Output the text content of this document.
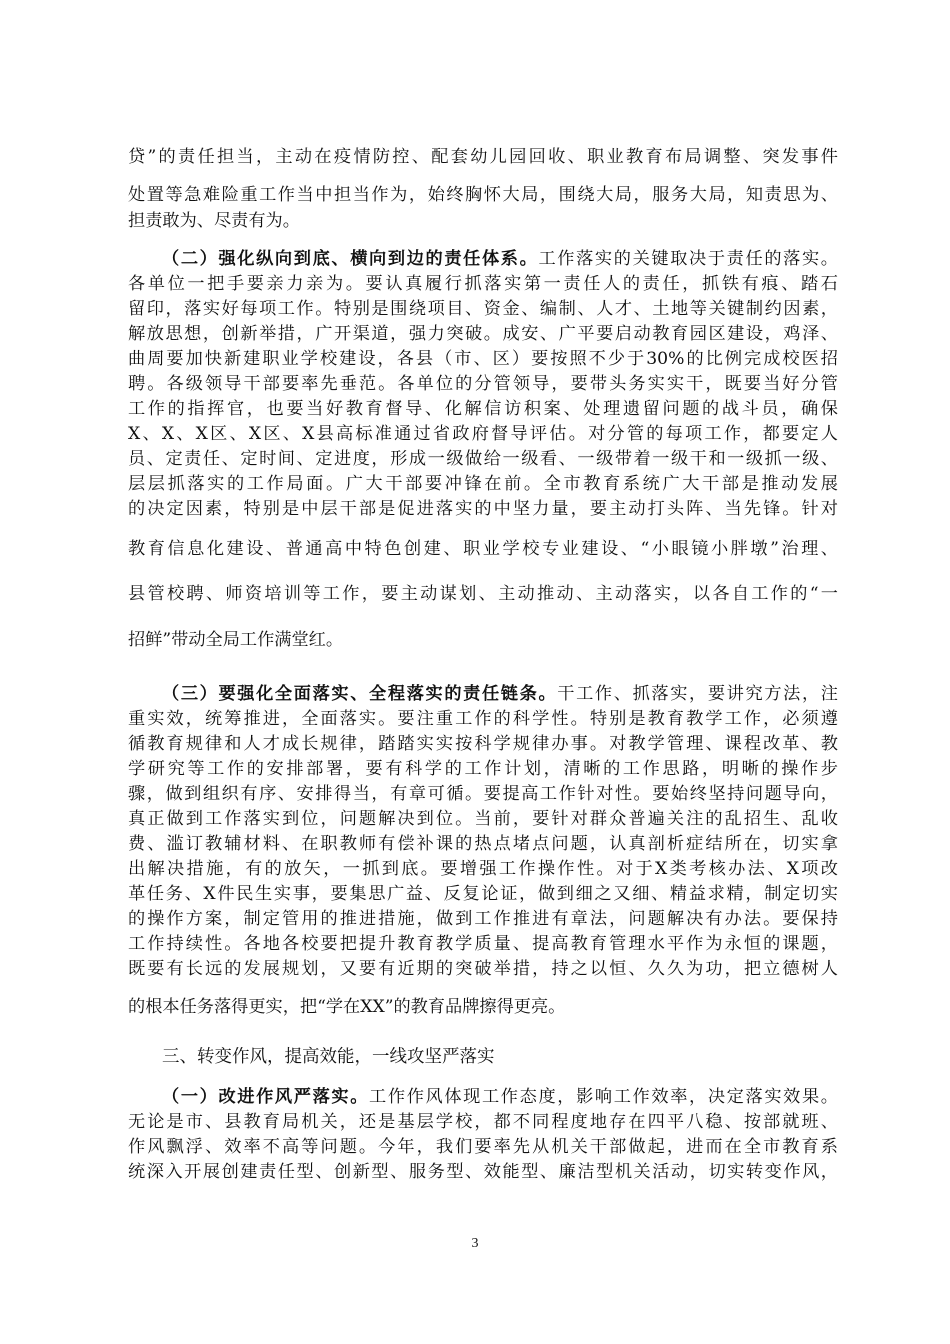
贷”的责任担当，主动在疫情防控、配套幼儿园回收、职业教育布局调整、突发事件
处置等急难险重工作当中担当作为，始终胸怀大局，围绕大局，服务大局，知责思为、
担责敢为、尽责有为。
（二）强化纵向到底、横向到边的责任体系。工作落实的关键取决于责任的落实。
各单位一把手要亲力亲为。要认真履行抓落实第一责任人的责任，抓铁有痕、踏石
留印，落实好每项工作。特别是围绕项目、资金、编制、人才、土地等关键制约因素，
解放思想，创新举措，广开渠道，强力突破。成安、广平要启动教育园区建设，鸡泽、
曲周要加快新建职业学校建设，各县（市、区）要按照不少于30%的比例完成校医招
聘。各级领导干部要率先垂范。各单位的分管领导，要带头务实实干，既要当好分管
工作的指挥官，也要当好教育督导、化解信访积案、处理遗留问题的战斗员，确保
X、X、X区、X区、X县高标准通过省政府督导评估。对分管的每项工作，都要定人
员、定责任、定时间、定进度，形成一级做给一级看、一级带着一级干和一级抓一级、
层层抓落实的工作局面。广大干部要冲锋在前。全市教育系统广大干部是推动发展
的决定因素，特别是中层干部是促进落实的中坚力量，要主动打头阵、当先锋。针对
教育信息化建设、普通高中特色创建、职业学校专业建设、“小眼镜小胖墩”治理、
县管校聘、师资培训等工作，要主动谋划、主动推动、主动落实，以各自工作的“一
招鲜”带动全局工作满堂红。
（三）要强化全面落实、全程落实的责任链条。干工作、抓落实，要讲究方法，注
重实效，统筹推进，全面落实。要注重工作的科学性。特别是教育教学工作，必须遵
循教育规律和人才成长规律，踏踏实实按科学规律办事。对教学管理、课程改革、教
学研究等工作的安排部署，要有科学的工作计划，清晰的工作思路，明晰的操作步
骤，做到组织有序、安排得当，有章可循。要提高工作针对性。要始终坚持问题导向，
真正做到工作落实到位，问题解决到位。当前，要针对群众普遍关注的乱招生、乱收
费、滥订教辅材料、在职教师有偿补课的热点堵点问题，认真剖析症结所在，切实拿
出解决措施，有的放矢，一抓到底。要增强工作操作性。对于X类考核办法、X项改
革任务、X件民生实事，要集思广益、反复论证，做到细之又细、精益求精，制定切实
的操作方案，制定管用的推进措施，做到工作推进有章法，问题解决有办法。要保持
工作持续性。各地各校要把提升教育教学质量、提高教育管理水平作为永恒的课题，
既要有长远的发展规划，又要有近期的突破举措，持之以恒、久久为功，把立德树人
的根本任务落得更实，把“学在XX”的教育品牌擦得更亮。
三、转变作风，提高效能，一线攻坚严落实
（一）改进作风严落实。工作作风体现工作态度，影响工作效率，决定落实效果。
无论是市、县教育局机关，还是基层学校，都不同程度地存在四平八稳、按部就班、
作风飘浮、效率不高等问题。今年，我们要率先从机关干部做起，进而在全市教育系
统深入开展创建责任型、创新型、服务型、效能型、廉洁型机关活动，切实转变作风，
3
